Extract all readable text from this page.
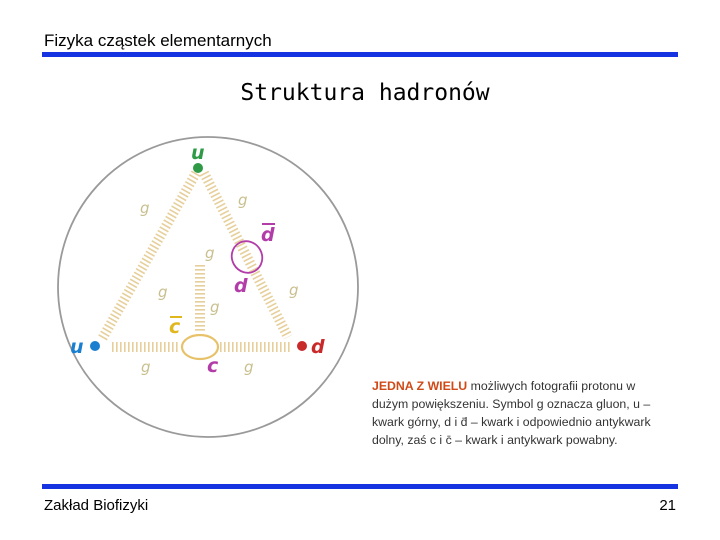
Fizyka cząstek elementarnych
Struktura hadronów
u
u	d
d
d
c
c
g	g
g
g
g
g
g	g
JEDNA Z WIELU możliwych fotografii protonu w dużym powiększeniu. Symbol g oznacza gluon, u – kwark górny, d i d̄ – kwark i odpowiednio antykwark dolny, zaś c i c̄ – kwark i antykwark powabny.
Zakład Biofizyki	21
